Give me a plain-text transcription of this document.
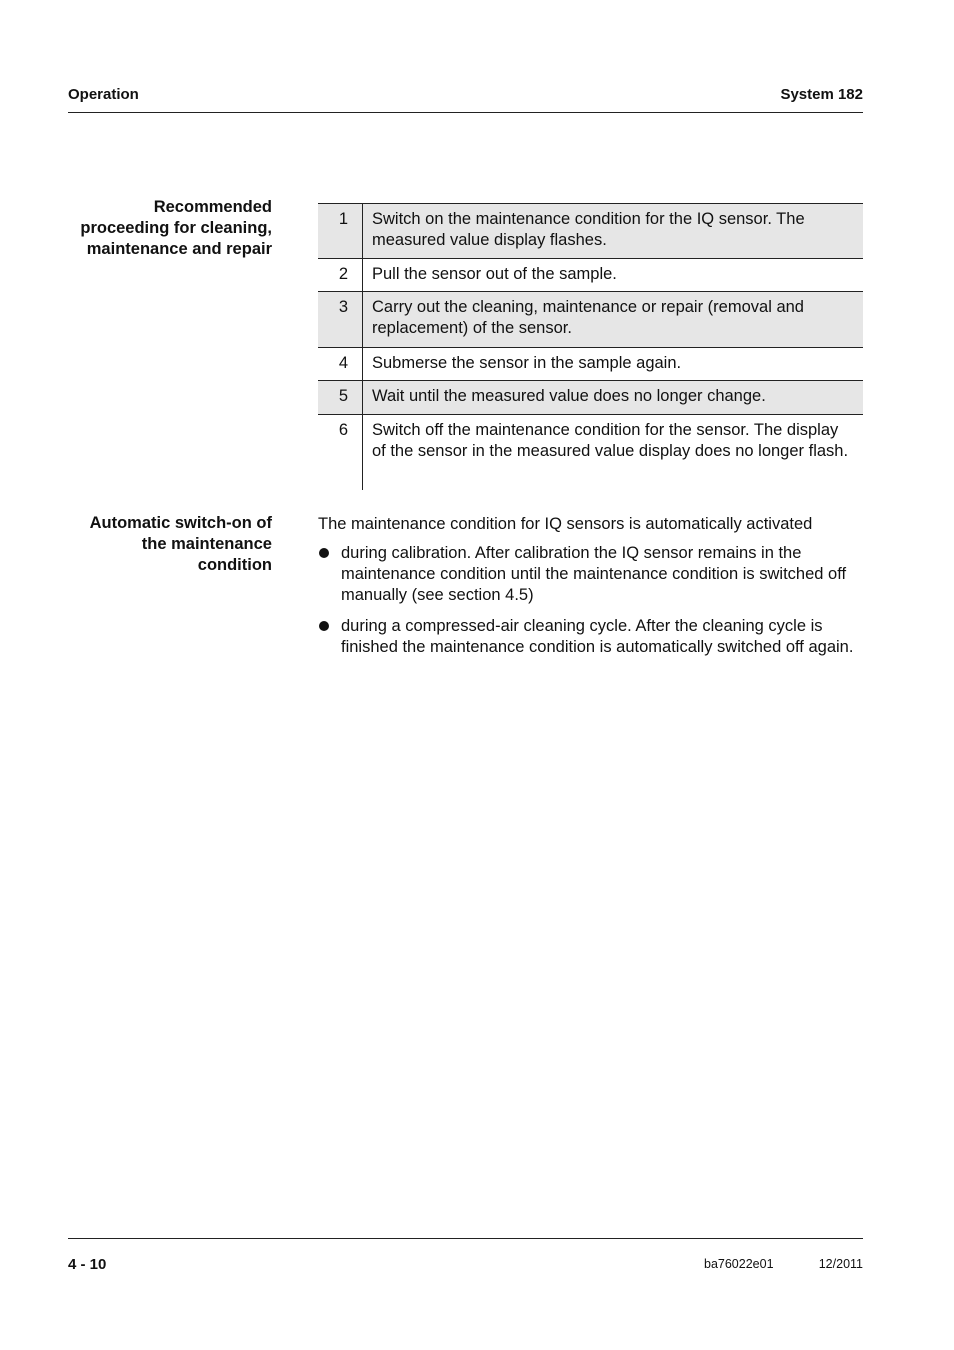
Operation	System 182
Recommended
proceeding for cleaning,
maintenance and repair
1	Switch on the maintenance condition for the IQ sensor. The measured value display flashes.
2	Pull the sensor out of the sample.
3	Carry out the cleaning, maintenance or repair (removal and replacement) of the sensor.
4	Submerse the sensor in the sample again.
5	Wait until the measured value does no longer change.
6	Switch off the maintenance condition for the sensor. The display of the sensor in the measured value display does no longer flash.
Automatic switch-on of
the maintenance
condition
The maintenance condition for IQ sensors is automatically activated
during calibration. After calibration the IQ sensor remains in the maintenance condition until the maintenance condition is switched off manually (see section 4.5)
during a compressed-air cleaning cycle. After the cleaning cycle is finished the maintenance condition is automatically switched off again.
4 - 10	ba76022e01	12/2011
